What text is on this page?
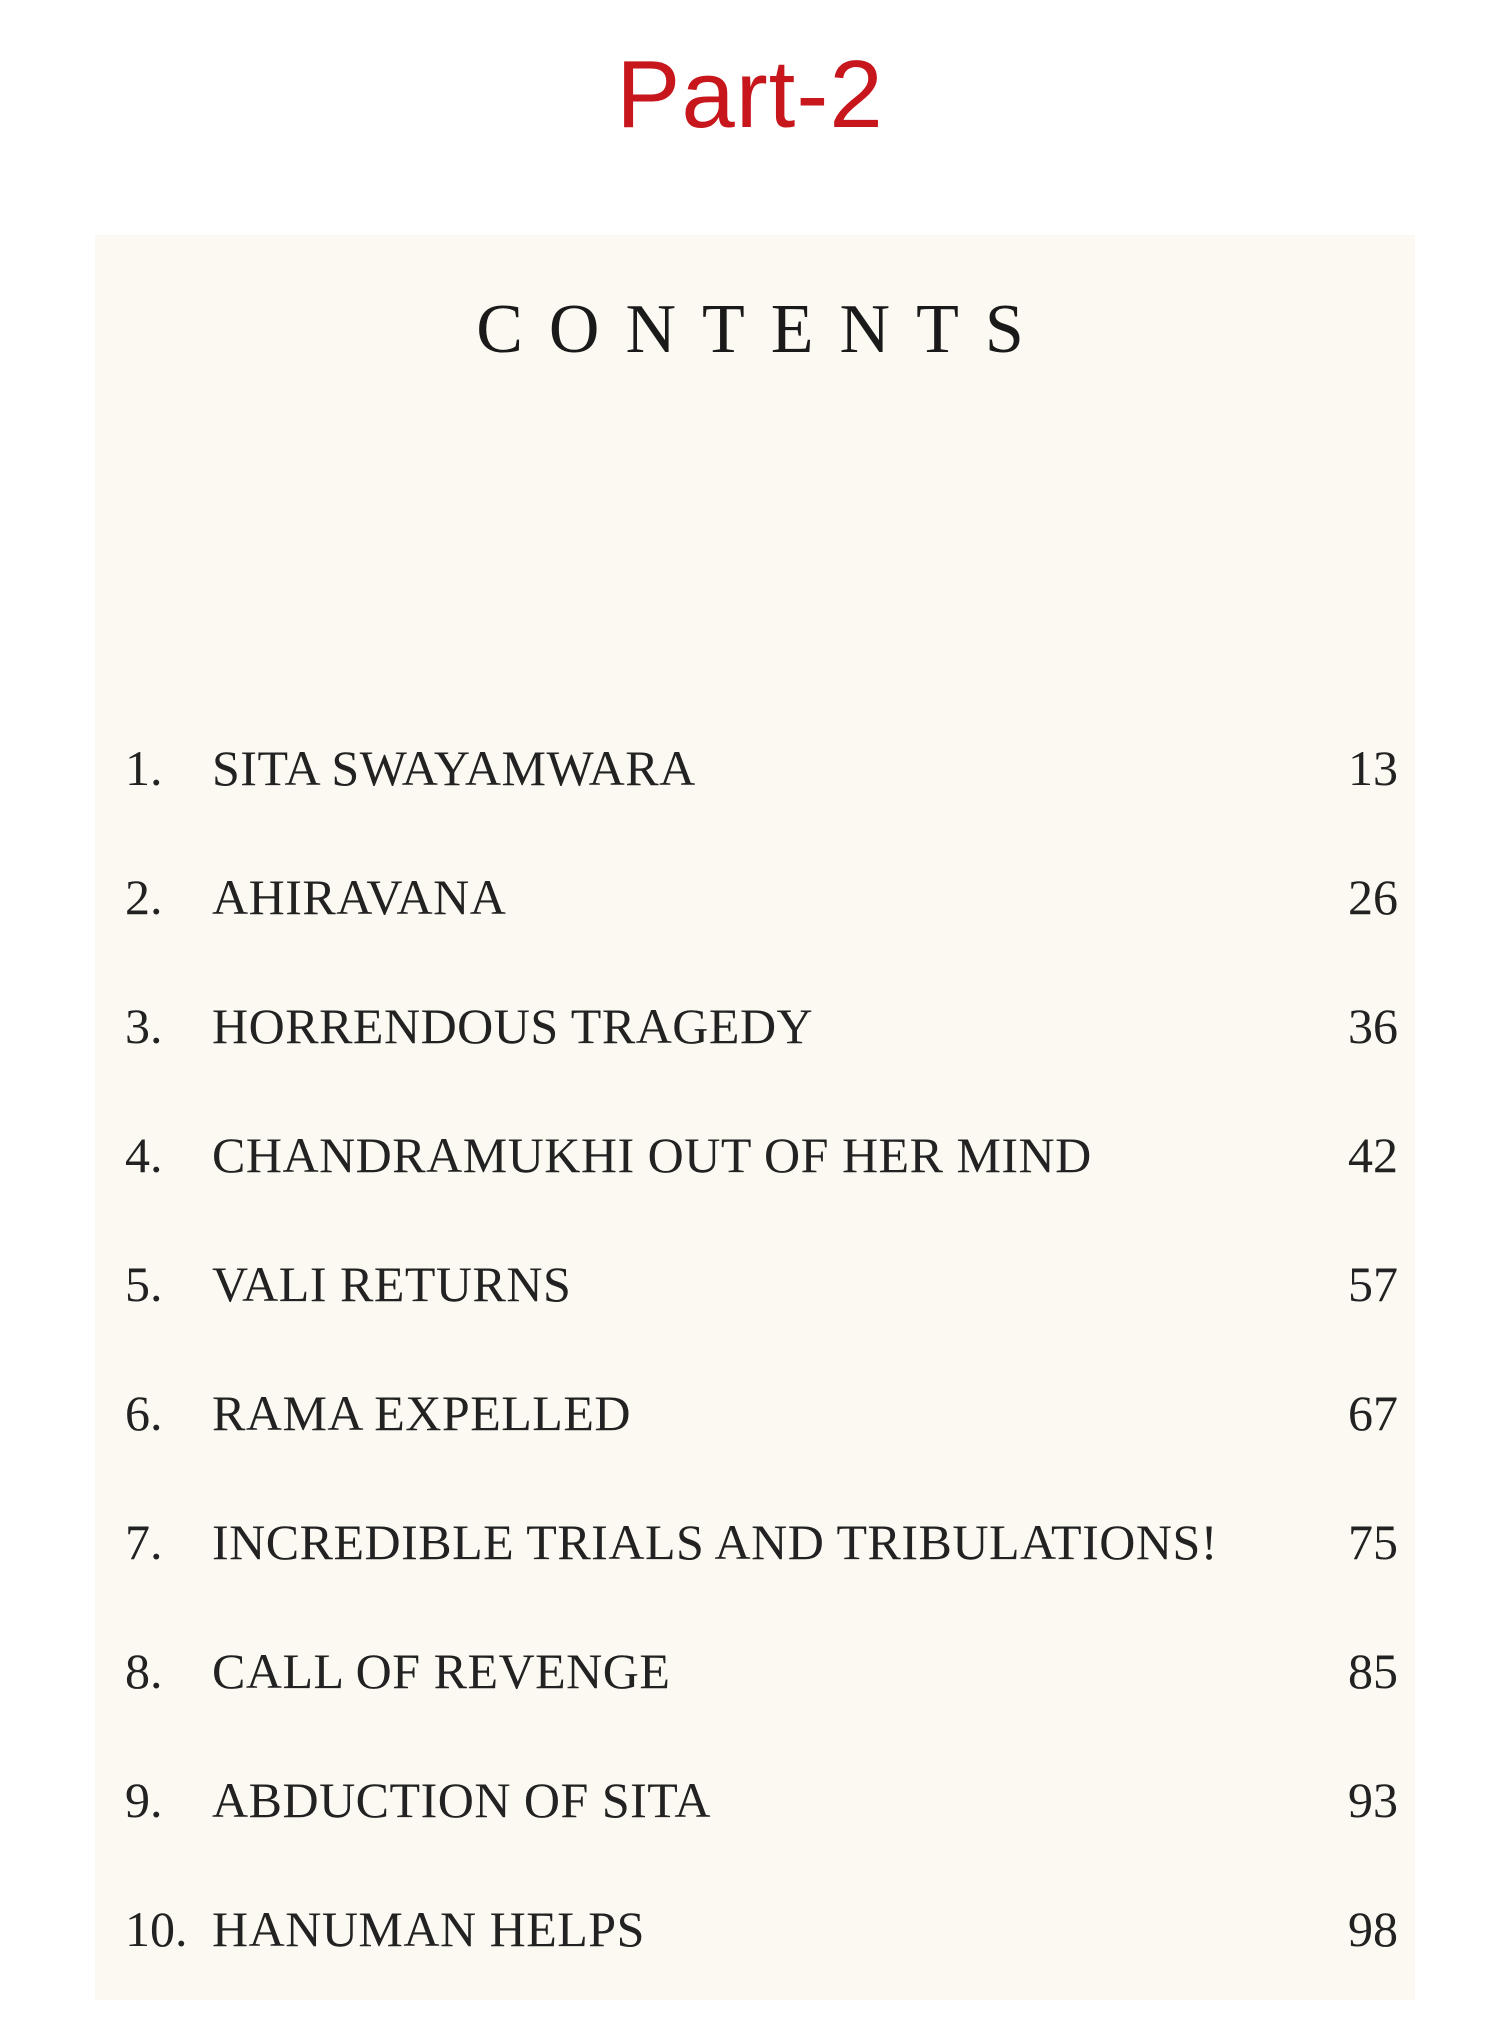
Part-2
CONTENTS
1. SITA SWAYAMWARA	13
2. AHIRAVANA	26
3. HORRENDOUS TRAGEDY	36
4. CHANDRAMUKHI OUT OF HER MIND	42
5. VALI RETURNS	57
6. RAMA EXPELLED	67
7. INCREDIBLE TRIALS AND TRIBULATIONS!	75
8. CALL OF REVENGE	85
9. ABDUCTION OF SITA	93
10. HANUMAN HELPS	98
